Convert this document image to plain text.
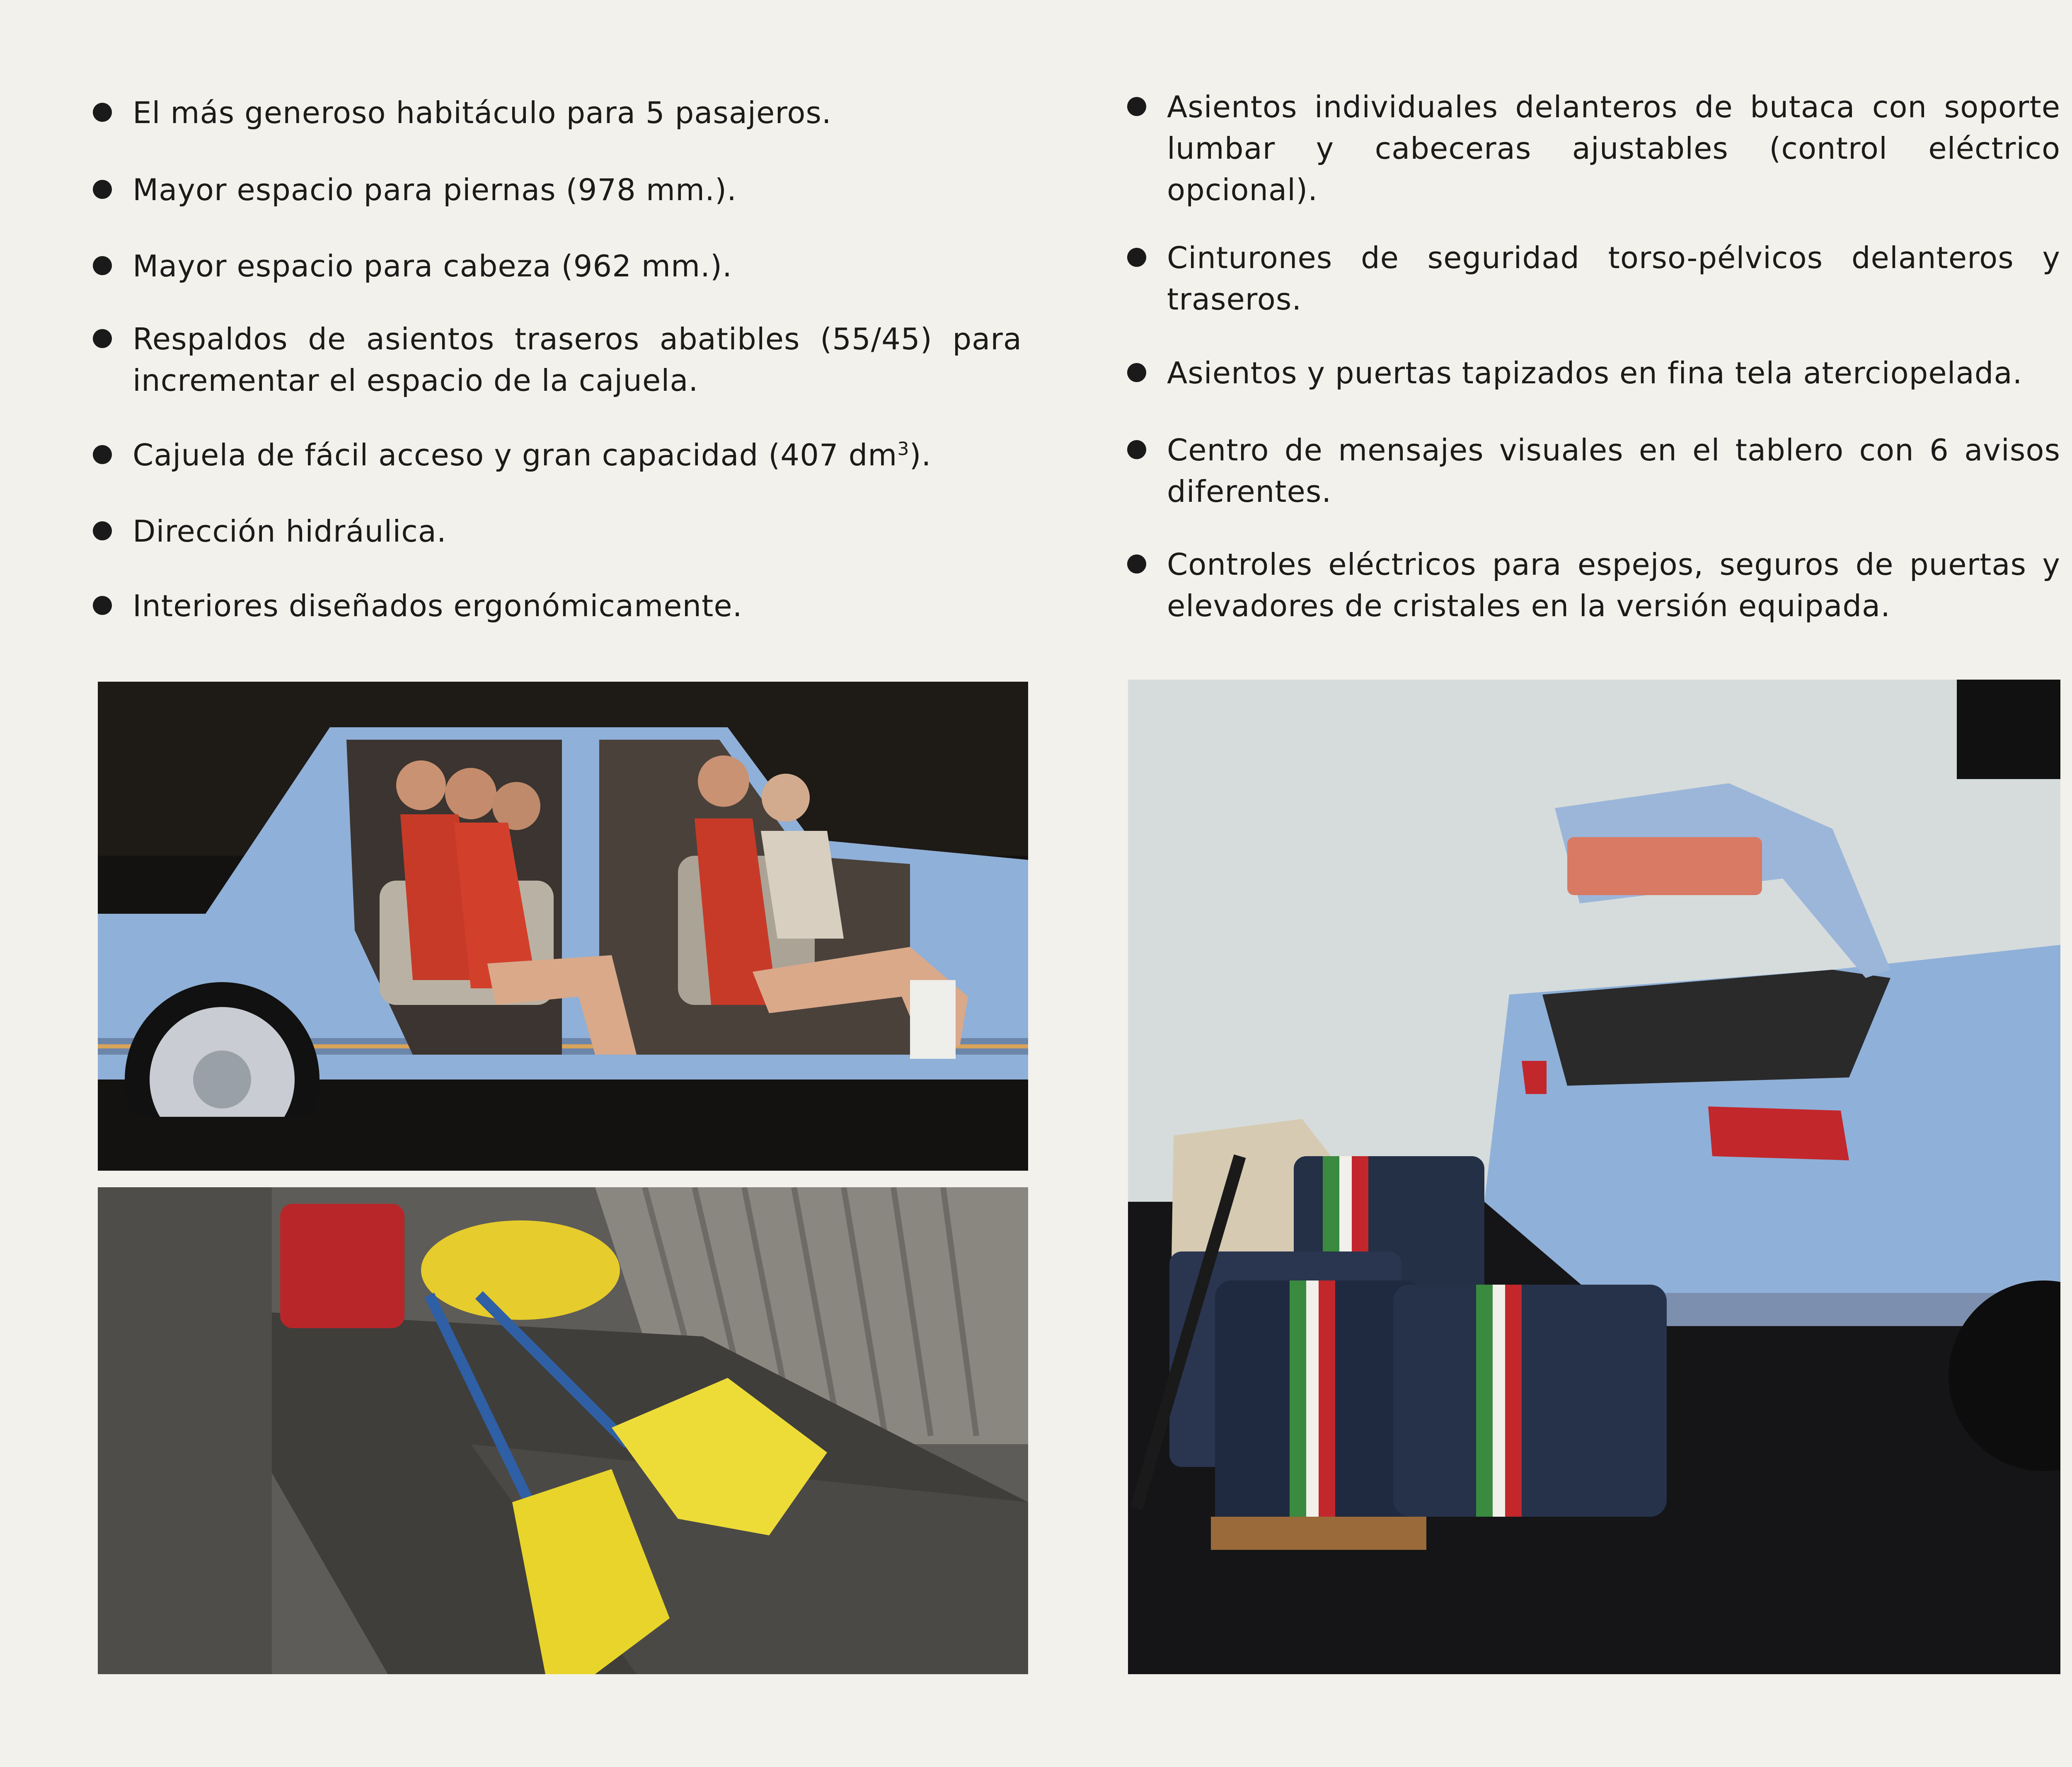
El más generoso habitáculo para 5 pasajeros.
Mayor espacio para piernas (978 mm.).
Mayor espacio para cabeza (962 mm.).
Respaldos de asientos traseros abatibles (55/45) para incrementar el espacio de la cajuela.
Cajuela de fácil acceso y gran capacidad (407 $dm^3$).
Dirección hidráulica.
Interiores diseñados ergonómicamente.
Asientos individuales delanteros de butaca con soporte lumbar y cabeceras ajustables (control eléctrico opcional).
Cinturones de seguridad torso-pélvicos delanteros y traseros.
Asientos y puertas tapizados en fina tela aterciopelada.
Centro de mensajes visuales en el tablero con 6 avisos diferentes.
Controles eléctricos para espejos, seguros de puertas y elevadores de cristales en la versión equipada.
